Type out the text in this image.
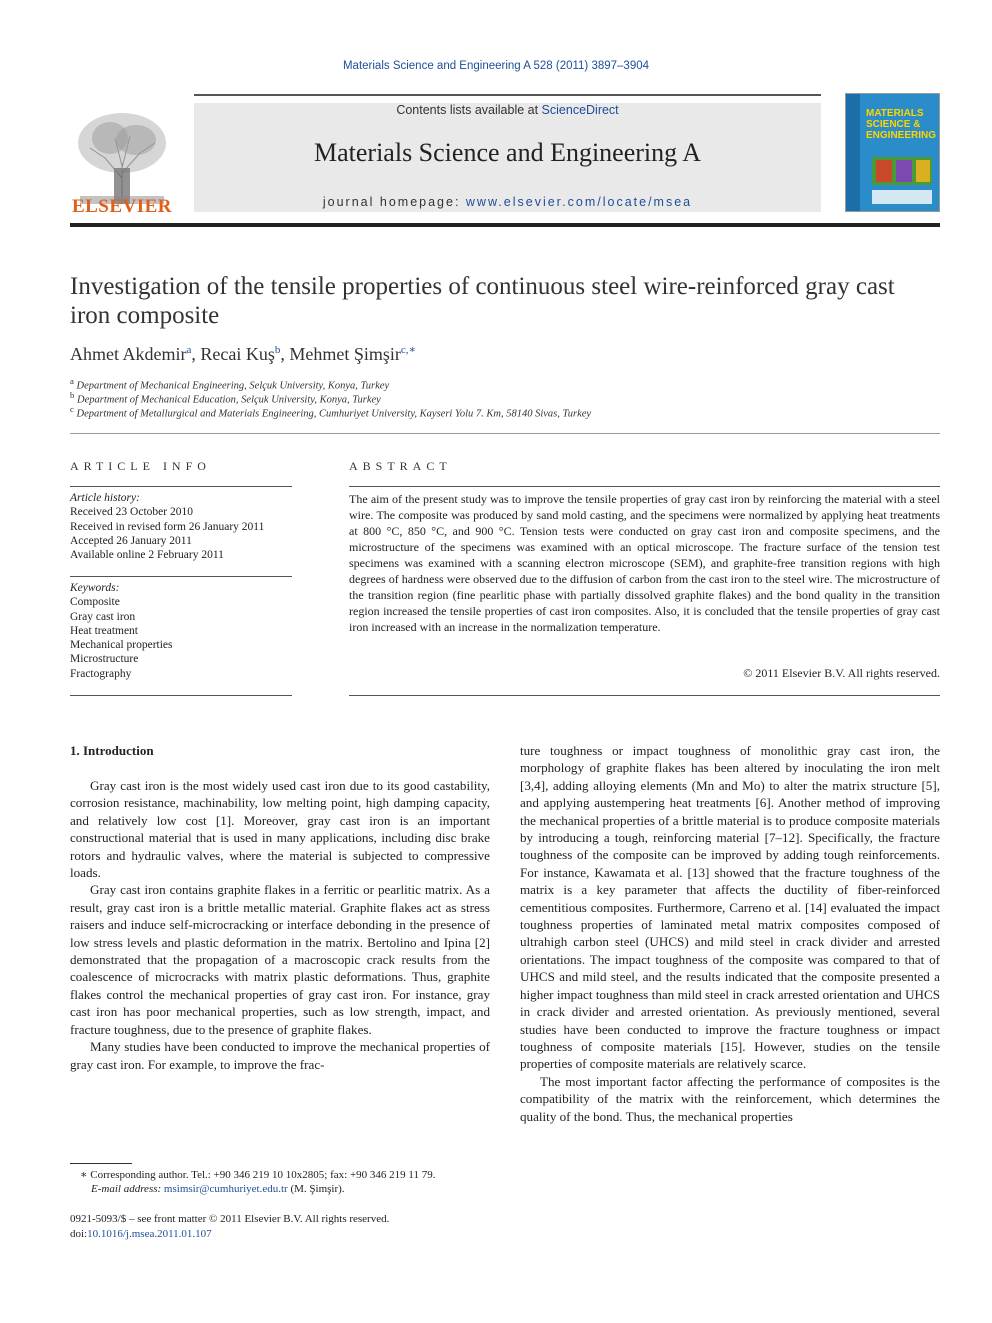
Materials Science and Engineering A 528 (2011) 3897–3904
ELSEVIER
Contents lists available at ScienceDirect
Materials Science and Engineering A
journal homepage: www.elsevier.com/locate/msea
MATERIALS SCIENCE & ENGINEERING
Investigation of the tensile properties of continuous steel wire-reinforced gray cast iron composite
Ahmet Akdemir$^a$, Recai Kuş$^b$, Mehmet Şimşir$^{c,∗}$
$^a$ Department of Mechanical Engineering, Selçuk University, Konya, Turkey
$^b$ Department of Mechanical Education, Selçuk University, Konya, Turkey
$^c$ Department of Metallurgical and Materials Engineering, Cumhuriyet University, Kayseri Yolu 7. Km, 58140 Sivas, Turkey
ARTICLE INFO
Article history:
Received 23 October 2010
Received in revised form 26 January 2011
Accepted 26 January 2011
Available online 2 February 2011
Keywords:
Composite
Gray cast iron
Heat treatment
Mechanical properties
Microstructure
Fractography
ABSTRACT
The aim of the present study was to improve the tensile properties of gray cast iron by reinforcing the material with a steel wire. The composite was produced by sand mold casting, and the specimens were normalized by applying heat treatments at 800 °C, 850 °C, and 900 °C. Tension tests were conducted on gray cast iron and composite specimens, and the microstructure of the specimens was examined with an optical microscope. The fracture surface of the tension test specimens was examined with a scanning electron microscope (SEM), and graphite-free transition regions with high degrees of hardness were observed due to the diffusion of carbon from the cast iron to the steel wire. The microstructure of the transition region (fine pearlitic phase with partially dissolved graphite flakes) and the bond quality in the transition region increased the tensile properties of cast iron composites. Also, it is concluded that the tensile properties of gray cast iron increased with an increase in the normalization temperature.
© 2011 Elsevier B.V. All rights reserved.
1. Introduction

Gray cast iron is the most widely used cast iron due to its good castability, corrosion resistance, machinability, low melting point, high damping capacity, and relatively low cost [1]. Moreover, gray cast iron is an important constructional material that is used in many applications, including disc brake rotors and hydraulic valves, where the material is subjected to compressive loads.

Gray cast iron contains graphite flakes in a ferritic or pearlitic matrix. As a result, gray cast iron is a brittle metallic material. Graphite flakes act as stress raisers and induce self-microcracking or interface debonding in the presence of low stress levels and plastic deformation in the matrix. Bertolino and Ipina [2] demonstrated that the propagation of a macroscopic crack results from the coalescence of microcracks with matrix plastic deformations. Thus, graphite flakes control the mechanical properties of gray cast iron. For instance, gray cast iron has poor mechanical properties, such as low strength, impact, and fracture toughness, due to the presence of graphite flakes.

Many studies have been conducted to improve the mechanical properties of gray cast iron. For example, to improve the frac-

ture toughness or impact toughness of monolithic gray cast iron, the morphology of graphite flakes has been altered by inoculating the iron melt [3,4], adding alloying elements (Mn and Mo) to alter the matrix structure [5], and applying austempering heat treatments [6]. Another method of improving the mechanical properties of a brittle material is to produce composite materials by introducing a tough, reinforcing material [7–12]. Specifically, the fracture toughness of the composite can be improved by adding tough reinforcements. For instance, Kawamata et al. [13] showed that the fracture toughness of the matrix is a key parameter that affects the ductility of fiber-reinforced cementitious composites. Furthermore, Carreno et al. [14] evaluated the impact toughness properties of laminated metal matrix composites composed of ultrahigh carbon steel (UHCS) and mild steel in crack divider and arrested orientations. The impact toughness of the composite was compared to that of UHCS and mild steel, and the results indicated that the composite presented a higher impact toughness than mild steel in crack arrested orientation and UHCS in crack divider and arrested orientation. As previously mentioned, several studies have been conducted to improve the fracture toughness or impact toughness of composite materials [15]. However, studies on the tensile properties of composite materials are relatively scarce.

The most important factor affecting the performance of composites is the compatibility of the matrix with the reinforcement, which determines the quality of the bond. Thus, the mechanical properties

∗ Corresponding author. Tel.: +90 346 219 10 10x2805; fax: +90 346 219 11 79.
E-mail address: msimsir@cumhuriyet.edu.tr (M. Şimşir).
0921-5093/$ – see front matter © 2011 Elsevier B.V. All rights reserved.
doi:10.1016/j.msea.2011.01.107
